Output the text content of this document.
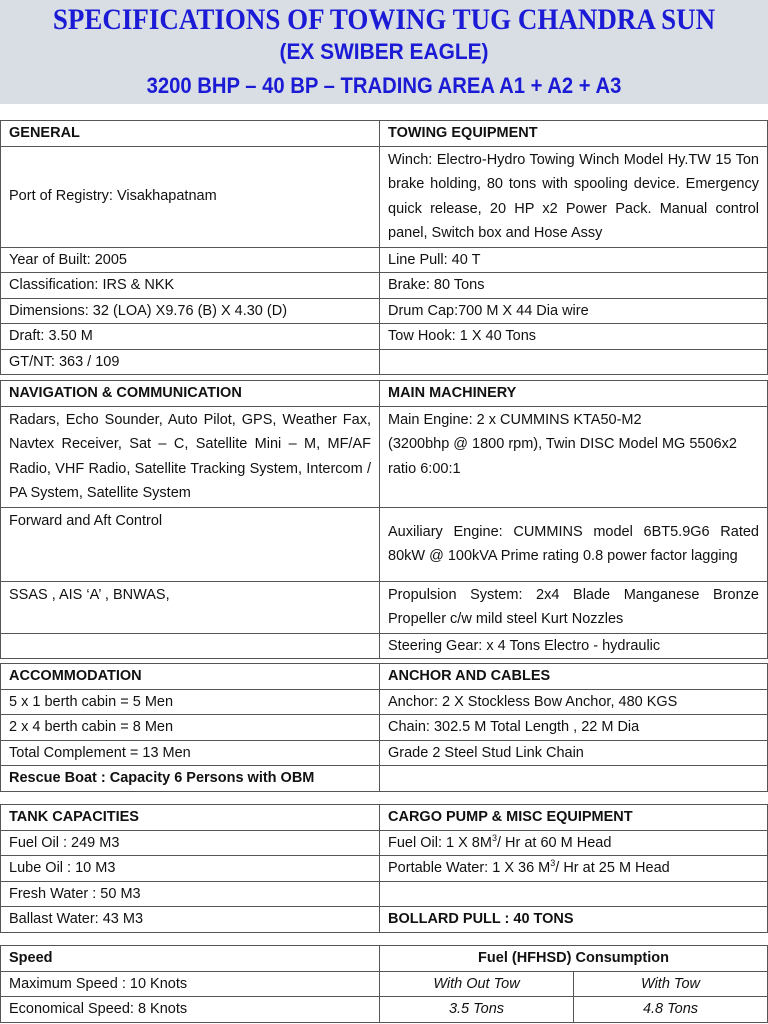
SPECIFICATIONS OF TOWING TUG CHANDRA SUN
(EX SWIBER EAGLE)
3200 BHP – 40 BP – TRADING AREA A1 + A2 + A3
GENERAL	TOWING EQUIPMENT
Port of Registry: Visakhapatnam	Winch: Electro-Hydro Towing Winch Model Hy.TW 15 Ton brake holding, 80 tons with spooling device. Emergency quick release, 20 HP x2 Power Pack. Manual control panel, Switch box and Hose Assy
Year of Built: 2005	Line Pull: 40 T
Classification: IRS & NKK	Brake: 80 Tons
Dimensions: 32 (LOA) X9.76 (B) X 4.30 (D)	Drum Cap:700 M X 44 Dia wire
Draft: 3.50 M	Tow Hook: 1 X 40 Tons
GT/NT: 363 / 109	
NAVIGATION & COMMUNICATION	MAIN MACHINERY
Radars, Echo Sounder, Auto Pilot, GPS, Weather Fax, Navtex Receiver, Sat – C, Satellite Mini – M, MF/AF Radio, VHF Radio, Satellite Tracking System, Intercom / PA System, Satellite System	Main Engine: 2 x CUMMINS KTA50-M2
(3200bhp @ 1800 rpm), Twin DISC Model MG 5506x2 ratio 6:00:1

Forward and Aft Control	Auxiliary Engine: CUMMINS model 6BT5.9G6 Rated 80kW @ 100kVA Prime rating 0.8 power factor lagging
SSAS , AIS ‘A’ , BNWAS,	Propulsion System: 2x4 Blade Manganese Bronze Propeller c/w mild steel Kurt Nozzles
	Steering Gear: x 4 Tons Electro - hydraulic
ACCOMMODATION	ANCHOR AND CABLES
5 x 1 berth cabin = 5 Men	Anchor: 2 X Stockless Bow Anchor, 480 KGS
2 x 4 berth cabin = 8 Men	Chain: 302.5 M Total Length , 22 M Dia
Total Complement = 13 Men	Grade 2 Steel Stud Link Chain
Rescue Boat : Capacity 6 Persons with OBM	
TANK CAPACITIES	CARGO PUMP & MISC EQUIPMENT
Fuel Oil : 249 M3	Fuel Oil: 1 X $8M^3/$ Hr at 60 M Head
Lube Oil : 10 M3	Portable Water: 1 X 36 $M^3/$ Hr at 25 M Head
Fresh Water : 50 M3	
Ballast Water: 43 M3	BOLLARD PULL : 40 TONS
Speed	Fuel (HFHSD) Consumption	
Maximum Speed : 10 Knots	With Out Tow	With Tow
Economical Speed: 8 Knots	3.5 Tons	4.8 Tons
